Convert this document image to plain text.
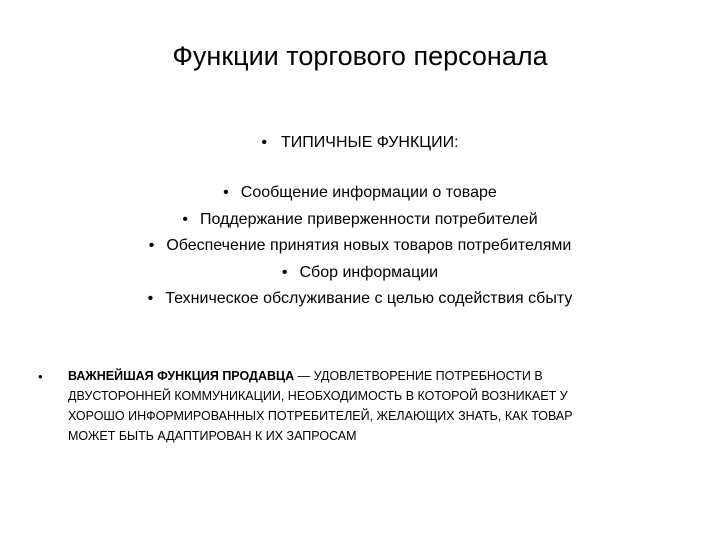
Функции торгового персонала
• ТИПИЧНЫЕ ФУНКЦИИ:
• Сообщение информации о товаре
• Поддержание приверженности потребителей
• Обеспечение принятия новых товаров потребителями
• Сбор информации
• Техническое обслуживание с целью содействия сбыту
• ВАЖНЕЙШАЯ ФУНКЦИЯ ПРОДАВЦА — УДОВЛЕТВОРЕНИЕ ПОТРЕБНОСТИ В
ДВУСТОРОННЕЙ КОММУНИКАЦИИ, НЕОБХОДИМОСТЬ В КОТОРОЙ ВОЗНИКАЕТ У
ХОРОШО ИНФОРМИРОВАННЫХ ПОТРЕБИТЕЛЕЙ, ЖЕЛАЮЩИХ ЗНАТЬ, КАК ТОВАР
МОЖЕТ БЫТЬ АДАПТИРОВАН К ИХ ЗАПРОСАМ
